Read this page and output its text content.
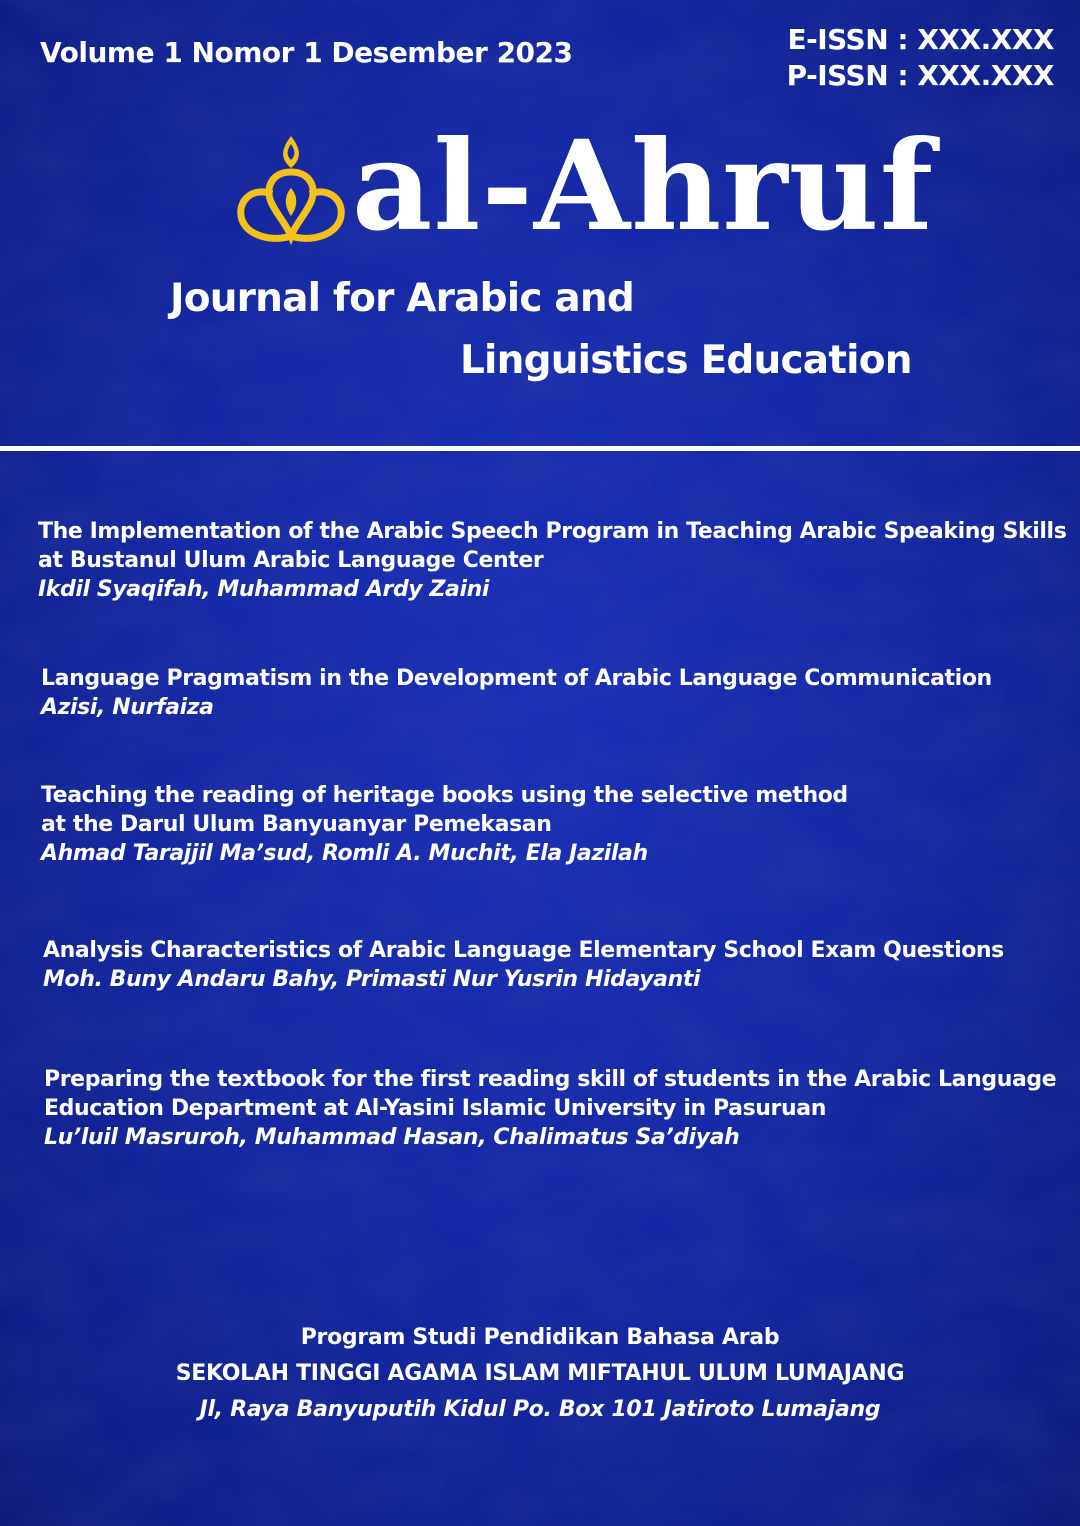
Volume 1 Nomor 1 Desember 2023	E-ISSN : XXX.XXX
P-ISSN : XXX.XXX
al-Ahruf
Journal for Arabic and
Linguistics Education
The Implementation of the Arabic Speech Program in Teaching Arabic Speaking Skills
at Bustanul Ulum Arabic Language Center
Ikdil Syaqifah, Muhammad Ardy Zaini
Language Pragmatism in the Development of Arabic Language Communication
Azisi, Nurfaiza
Teaching the reading of heritage books using the selective method
at the Darul Ulum Banyuanyar Pemekasan
Ahmad Tarajjil Ma’sud, Romli A. Muchit, Ela Jazilah
Analysis Characteristics of Arabic Language Elementary School Exam Questions
Moh. Buny Andaru Bahy, Primasti Nur Yusrin Hidayanti
Preparing the textbook for the first reading skill of students in the Arabic Language
Education Department at Al-Yasini Islamic University in Pasuruan
Lu’luil Masruroh, Muhammad Hasan, Chalimatus Sa’diyah
Program Studi Pendidikan Bahasa Arab
SEKOLAH TINGGI AGAMA ISLAM MIFTAHUL ULUM LUMAJANG
Jl, Raya Banyuputih Kidul Po. Box 101 Jatiroto Lumajang
